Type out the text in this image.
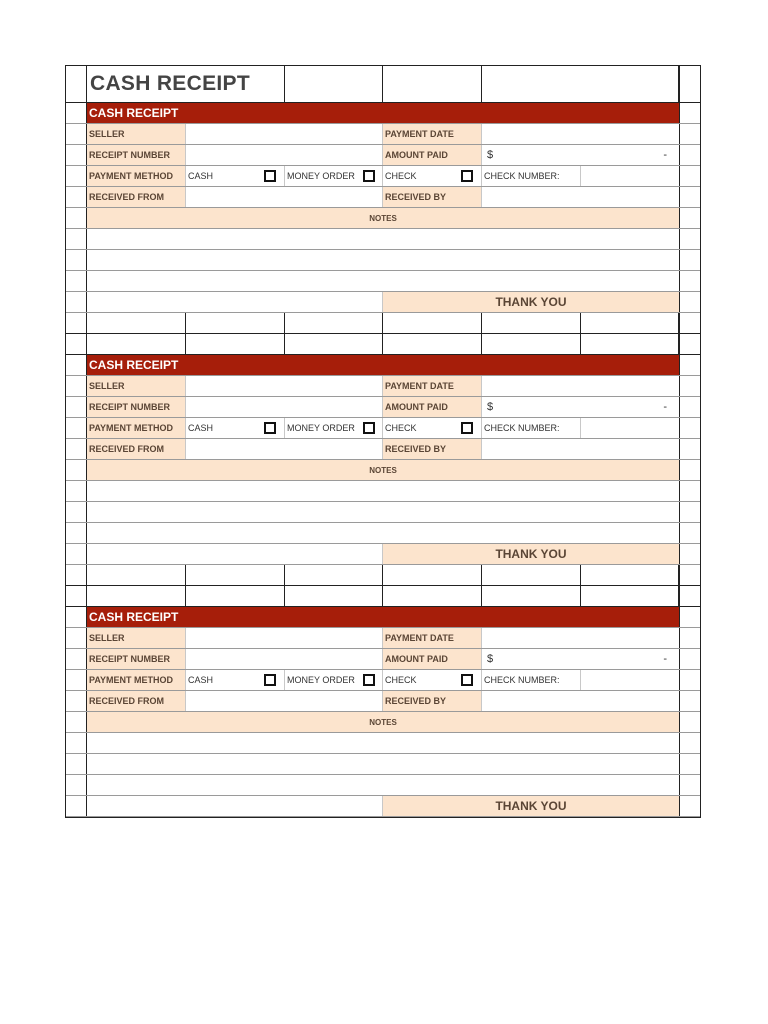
CASH RECEIPT
CASH RECEIPT
SELLER	PAYMENT DATE
RECEIPT NUMBER	AMOUNT PAID	$	-
PAYMENT METHOD	CASH	MONEY ORDER	CHECK	CHECK NUMBER:
RECEIVED FROM	RECEIVED BY
NOTES
THANK YOU
CASH RECEIPT
SELLER	PAYMENT DATE
RECEIPT NUMBER	AMOUNT PAID	$	-
PAYMENT METHOD	CASH	MONEY ORDER	CHECK	CHECK NUMBER:
RECEIVED FROM	RECEIVED BY
NOTES
THANK YOU
CASH RECEIPT
SELLER	PAYMENT DATE
RECEIPT NUMBER	AMOUNT PAID	$	-
PAYMENT METHOD	CASH	MONEY ORDER	CHECK	CHECK NUMBER:
RECEIVED FROM	RECEIVED BY
NOTES
THANK YOU
